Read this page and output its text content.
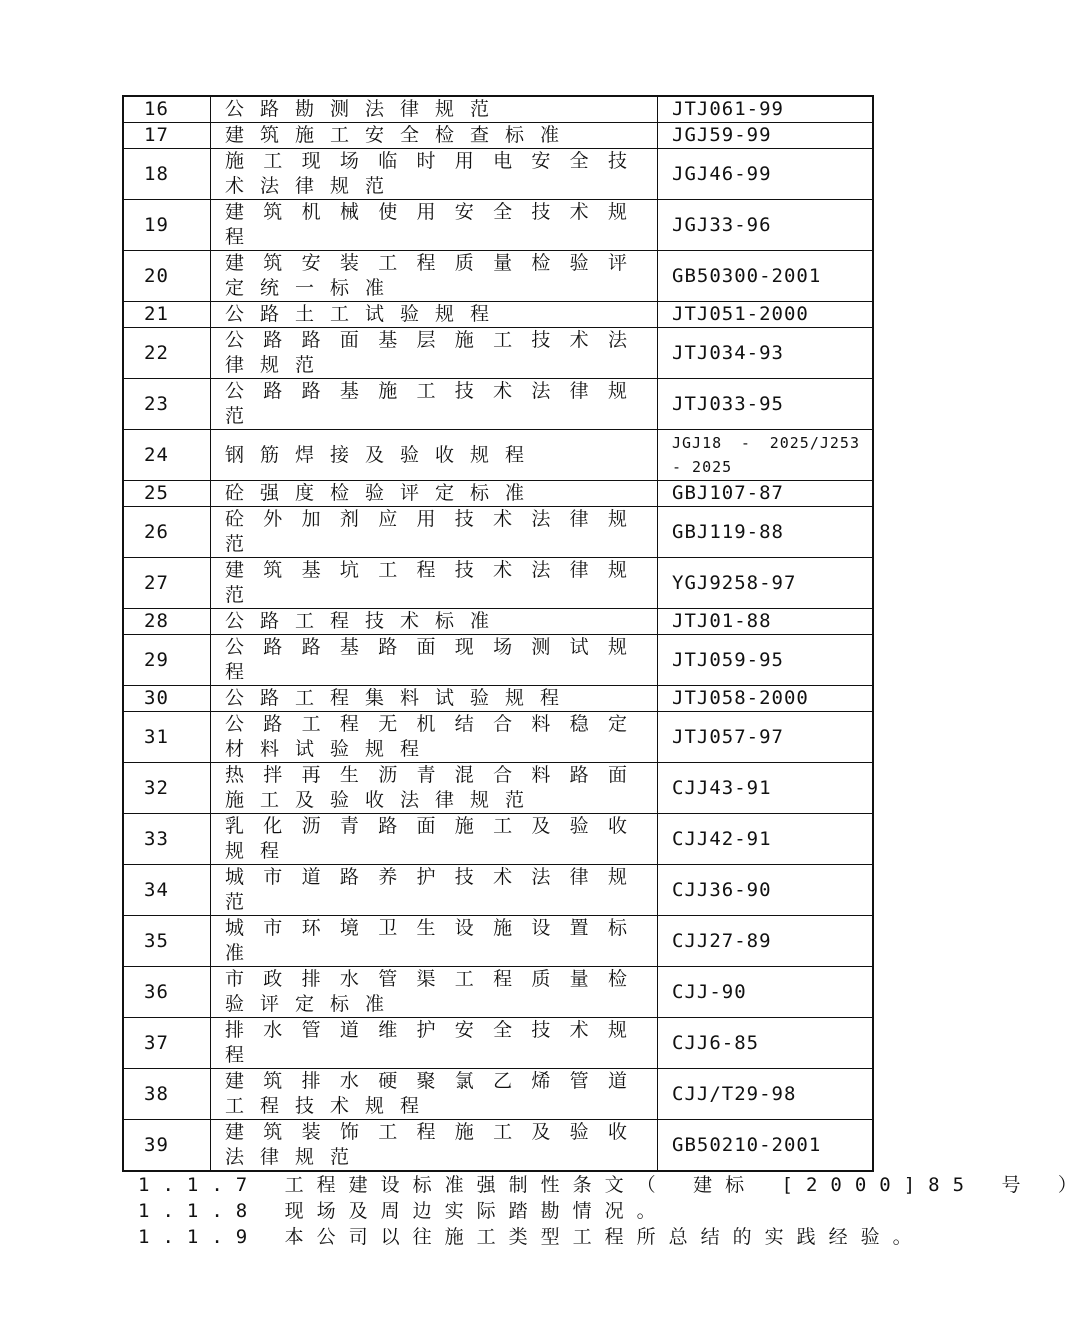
16	公路勘测法律规范	JTJ061-99
17	建筑施工安全检查标准	JGJ59-99
18	施工现场临时用电安全技
术法律规范	JGJ46-99
19	建筑机械使用安全技术规
程	JGJ33-96
20	建筑安装工程质量检验评
定统一标准	GB50300-2001
21	公路土工试验规程	JTJ051-2000
22	公路路面基层施工技术法
律规范	JTJ034-93
23	公路路基施工技术法律规
范	JTJ033-95
24	钢筋焊接及验收规程	JGJ18 - 2025/J253 - 2025
25	砼强度检验评定标准	GBJ107-87
26	砼外加剂应用技术法律规
范	GBJ119-88
27	建筑基坑工程技术法律规
范	YGJ9258-97
28	公路工程技术标准	JTJ01-88
29	公路路基路面现场测试规
程	JTJ059-95
30	公路工程集料试验规程	JTJ058-2000
31	公路工程无机结合料稳定
材料试验规程	JTJ057-97
32	热拌再生沥青混合料路面
施工及验收法律规范	CJJ43-91
33	乳化沥青路面施工及验收
规程	CJJ42-91
34	城市道路养护技术法律规
范	CJJ36-90
35	城市环境卫生设施设置标
准	CJJ27-89
36	市政排水管渠工程质量检
验评定标准	CJJ-90
37	排水管道维护安全技术规
程	CJJ6-85
38	建筑排水硬聚氯乙烯管道
工程技术规程	CJJ/T29-98
39	建筑装饰工程施工及验收
法律规范	GB50210-2001
1.1.7 工程建设标准强制性条文（ 建标 [2000]85 号 ）
1.1.8 现场及周边实际踏勘情况。
1.1.9 本公司以往施工类型工程所总结的实践经验。
